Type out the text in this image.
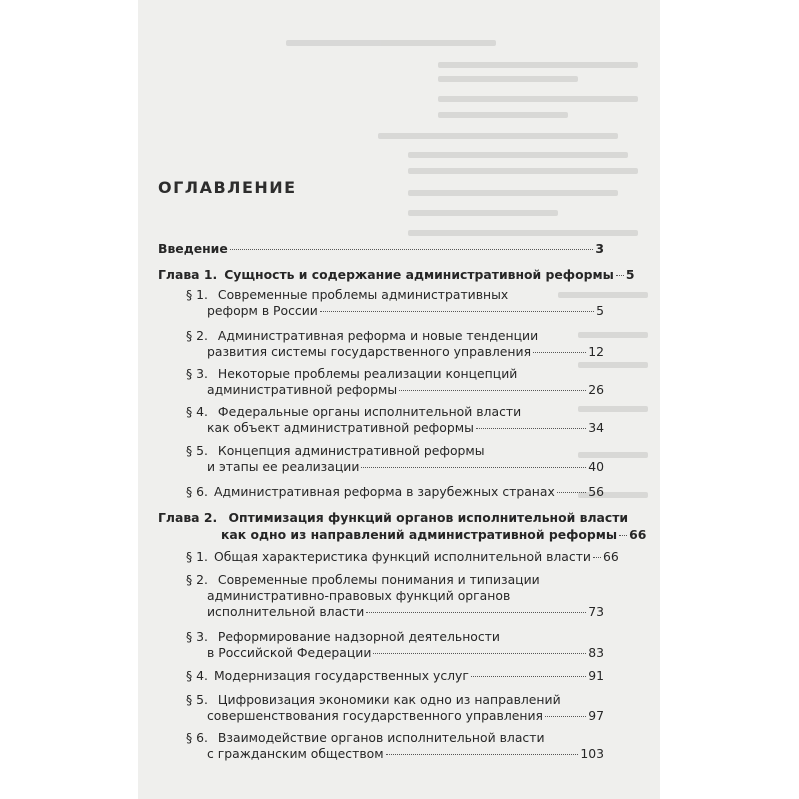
ОГЛАВЛЕНИЕ
Введение	3
Глава 1. Сущность и содержание административной реформы 5
§ 1. Современные проблемы административных
реформ в России	5
§ 2. Административная реформа и новые тенденции
развития системы государственного управления	12
§ 3. Некоторые проблемы реализации концепций
административной реформы	26
§ 4. Федеральные органы исполнительной власти
как объект административной реформы	34
§ 5. Концепция административной реформы
и этапы ее реализации	40
§ 6. Административная реформа в зарубежных странах	56
Глава 2. Оптимизация функций органов исполнительной власти
как одно из направлений административной реформы 66
§ 1. Общая характеристика функций исполнительной власти 66
§ 2. Современные проблемы понимания и типизации
административно-правовых функций органов
исполнительной власти	73
§ 3. Реформирование надзорной деятельности
в Российской Федерации	83
§ 4. Модернизация государственных услуг	91
§ 5. Цифровизация экономики как одно из направлений
совершенствования государственного управления	97
§ 6. Взаимодействие органов исполнительной власти
с гражданским обществом	103
